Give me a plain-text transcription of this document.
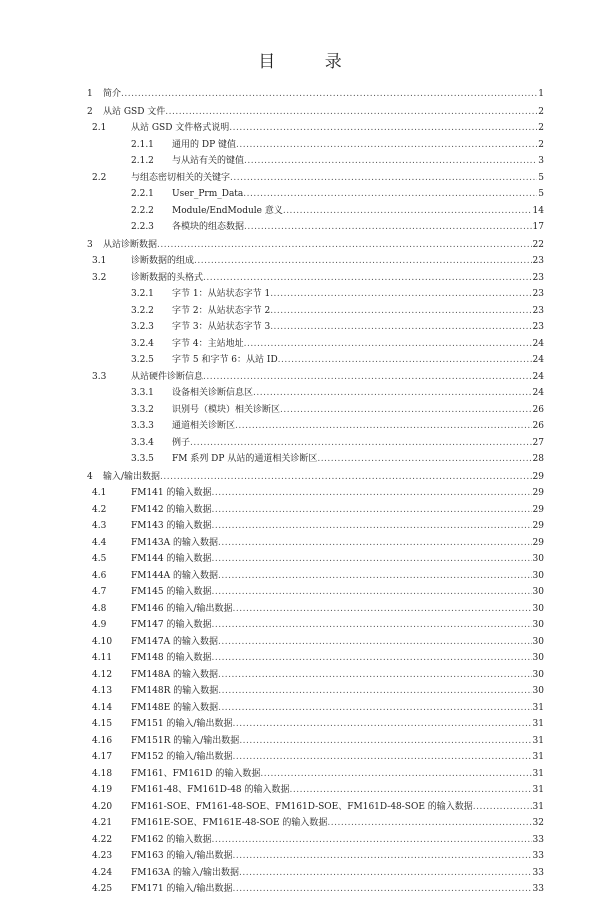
目 录
1 简介 .....	1
2 从站 GSD 文件 .....	2
2.1	从站 GSD 文件格式说明 .....	2
2.1.1 通用的 DP 键值 .....	2
2.1.2 与从站有关的键值 .....	3
2.2	与组态密切相关的关键字 .....	5
2.2.1 User_Prm_Data .....	5
2.2.2 Module/EndModule 意义 .....	14
2.2.3 各模块的组态数据 .....	17
3 从站诊断数据 .....	22
3.1	诊断数据的组成 .....	23
3.2	诊断数据的头格式 .....	23
3.2.1 字节 1：从站状态字节 1 .....	23
3.2.2 字节 2：从站状态字节 2 .....	23
3.2.3 字节 3：从站状态字节 3 .....	23
3.2.4 字节 4：主站地址 .....	24
3.2.5 字节 5 和字节 6：从站 ID .....	24
3.3	从站硬件诊断信息 .....	24
3.3.1 设备相关诊断信息区 .....	24
3.3.2 识别号（模块）相关诊断区 .....	26
3.3.3 通道相关诊断区 .....	26
3.3.4 例子 .....	27
3.3.5 FM 系列 DP 从站的通道相关诊断区 .....	28
4 输入/输出数据 .....	29
4.1	FM141 的输入数据 .....	29
4.2	FM142 的输入数据 .....	29
4.3	FM143 的输入数据 .....	29
4.4	FM143A 的输入数据 .....	29
4.5	FM144 的输入数据 .....	30
4.6	FM144A 的输入数据 .....	30
4.7	FM145 的输入数据 .....	30
4.8	FM146 的输入/输出数据 .....	30
4.9	FM147 的输入数据 .....	30
4.10 FM147A 的输入数据 .....	30
4.11 FM148 的输入数据 .....	30
4.12 FM148A 的输入数据 .....	30
4.13 FM148R 的输入数据 .....	30
4.14 FM148E 的输入数据 .....	31
4.15 FM151 的输入/输出数据 .....	31
4.16 FM151R 的输入/输出数据 .....	31
4.17 FM152 的输入/输出数据 .....	31
4.18 FM161、FM161D 的输入数据 .....	31
4.19 FM161-48、FM161D-48 的输入数据 .....	31
4.20 FM161-SOE、FM161-48-SOE、FM161D-SOE、FM161D-48-SOE 的输入数据 .....	31
4.21 FM161E-SOE、FM161E-48-SOE 的输入数据 .....	32
4.22 FM162 的输入数据 .....	33
4.23 FM163 的输入/输出数据 .....	33
4.24 FM163A 的输入/输出数据 .....	33
4.25 FM171 的输入/输出数据 .....	33
